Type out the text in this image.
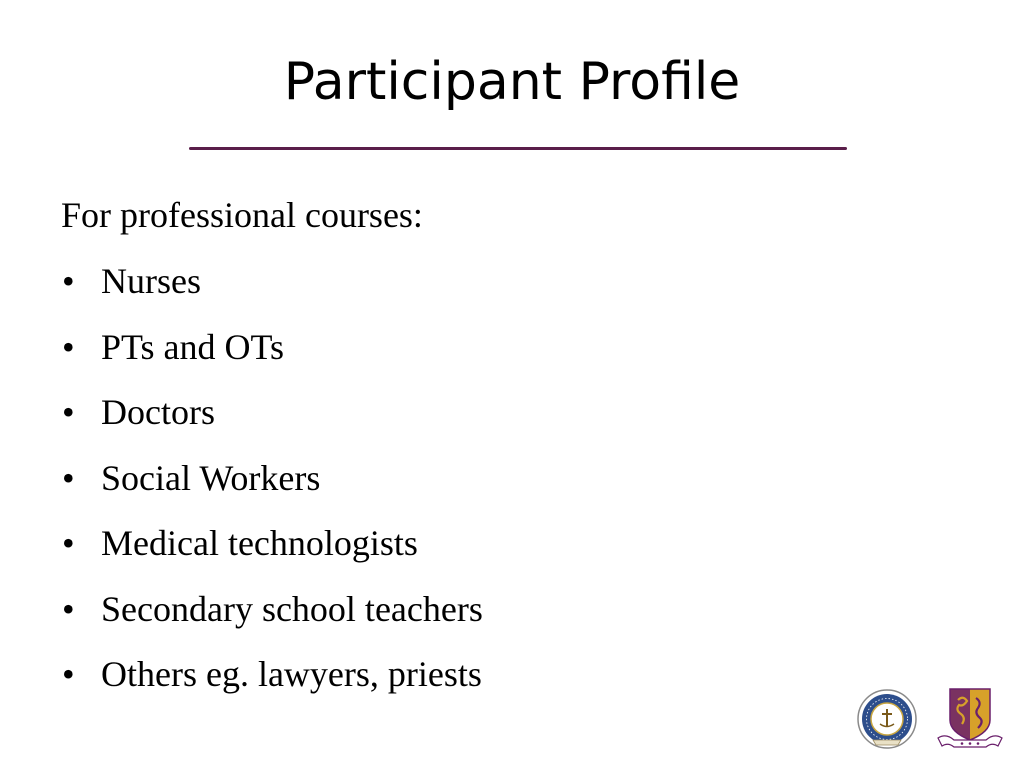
Participant Profile
For professional courses:
• Nurses
• PTs and OTs
• Doctors
• Social Workers
• Medical technologists
• Secondary school teachers
• Others eg. lawyers, priests
